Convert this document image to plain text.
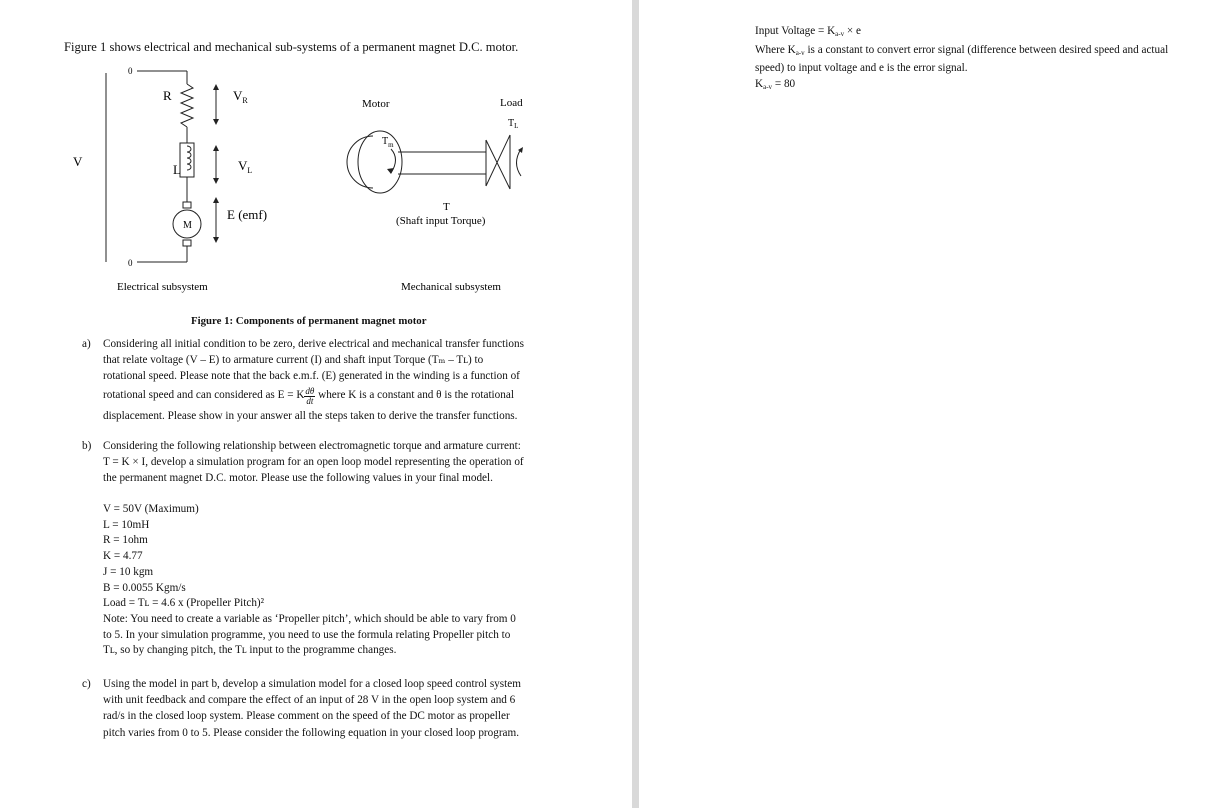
Figure 1 shows electrical and mechanical sub-systems of a permanent magnet D.C. motor.
0
0
V
R	$V_R$
L	$V_L$
M
E (emf)
Motor	Load
$T_L$
$T_m$
T
(Shaft input Torque)
Electrical subsystem	Mechanical subsystem
Figure 1: Components of permanent magnet motor
a) Considering all initial condition to be zero, derive electrical and mechanical transfer functions
that relate voltage (V – E) to armature current (I) and shaft input Torque (Tₘ – Tʟ) to
rotational speed. Please note that the back e.m.f. (E) generated in the winding is a function of
rotational speed and can considered as E = K $\frac{d\theta}{dt}$ where K is a constant and θ is the rotational
displacement. Please show in your answer all the steps taken to derive the transfer functions.
b) Considering the following relationship between electromagnetic torque and armature current:
T = K × I, develop a simulation program for an open loop model representing the operation of
the permanent magnet D.C. motor. Please use the following values in your final model.
V = 50V (Maximum)
L = 10mH
R = 1ohm
K = 4.77
J = 10 kgm
B = 0.0055 Kgm/s
Load = Tʟ = 4.6 x (Propeller Pitch)²
Note: You need to create a variable as ‘Propeller pitch’, which should be able to vary from 0
to 5. In your simulation programme, you need to use the formula relating Propeller pitch to
Tʟ, so by changing pitch, the Tʟ input to the programme changes.
c) Using the model in part b, develop a simulation model for a closed loop speed control system
with unit feedback and compare the effect of an input of 28 V in the open loop system and 6
rad/s in the closed loop system. Please comment on the speed of the DC motor as propeller
pitch varies from 0 to 5. Please consider the following equation in your closed loop program.
Input Voltage = $K_{a-v} \times e$
Where $K_{a-v}$ is a constant to convert error signal (difference between desired speed and actual
speed) to input voltage and e is the error signal.
$K_{a-v} = 80$
